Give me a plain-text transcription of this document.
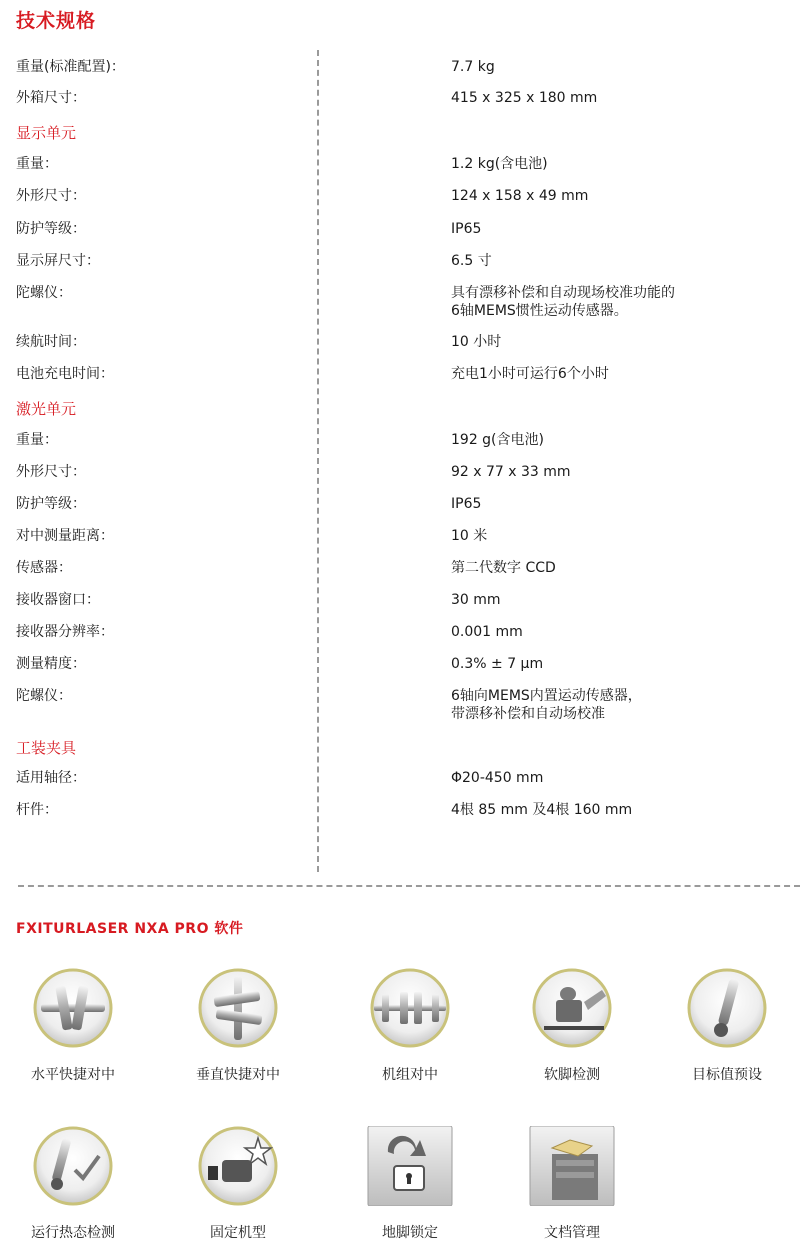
技术规格
重量(标准配置)：	7.7 kg
外箱尺寸：	415 x 325 x 180 mm
显示单元
重量：	1.2 kg(含电池)
外形尺寸：	124 x 158 x 49 mm
防护等级：	IP65
显示屏尺寸：	6.5 寸
陀螺仪：	具有漂移补偿和自动现场校准功能的
6轴MEMS惯性运动传感器。
续航时间：	10 小时
电池充电时间：	充电1小时可运行6个小时
激光单元
重量：	192 g(含电池)
外形尺寸：	92 x 77 x 33 mm
防护等级：	IP65
对中测量距离：	10 米
传感器：	第二代数字 CCD
接收器窗口：	30 mm
接收器分辨率：	0.001 mm
测量精度：	0.3% ± 7 μm
陀螺仪：	6轴向MEMS内置运动传感器，
带漂移补偿和自动场校准
工装夹具
适用轴径：	Φ20-450 mm
杆件：	4根 85 mm 及4根 160 mm
FXITURLASER NXA PRO 软件
水平快捷对中	垂直快捷对中	机组对中	软脚检测	目标值预设
运行热态检测	固定机型	地脚锁定	文档管理
